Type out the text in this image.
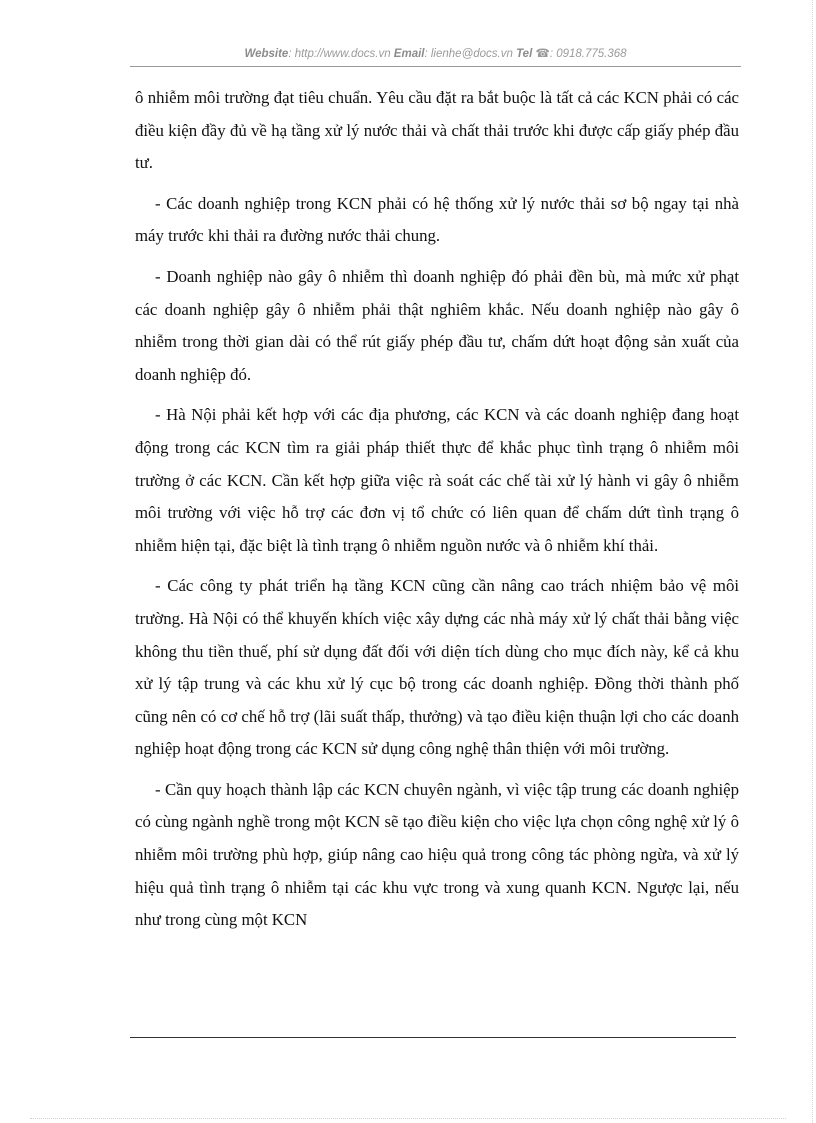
Website: http://www.docs.vn Email: lienhe@docs.vn Tel ☎: 0918.775.368

ô nhiễm môi trường đạt tiêu chuẩn. Yêu cầu đặt ra bắt buộc là tất cả các KCN phải có các điều kiện đầy đủ về hạ tầng xử lý nước thải và chất thải trước khi được cấp giấy phép đầu tư.

- Các doanh nghiệp trong KCN phải có hệ thống xử lý nước thải sơ bộ ngay tại nhà máy trước khi thải ra đường nước thải chung.

- Doanh nghiệp nào gây ô nhiễm thì doanh nghiệp đó phải đền bù, mà mức xử phạt các doanh nghiệp gây ô nhiễm phải thật nghiêm khắc. Nếu doanh nghiệp nào gây ô nhiễm trong thời gian dài có thể rút giấy phép đầu tư, chấm dứt hoạt động sản xuất của doanh nghiệp đó.

- Hà Nội phải kết hợp với các địa phương, các KCN và các doanh nghiệp đang hoạt động trong các KCN tìm ra giải pháp thiết thực để khắc phục tình trạng ô nhiễm môi trường ở các KCN. Cần kết hợp giữa việc rà soát các chế tài xử lý hành vi gây ô nhiễm môi trường với việc hỗ trợ các đơn vị tổ chức có liên quan để chấm dứt tình trạng ô nhiễm hiện tại, đặc biệt là tình trạng ô nhiễm nguồn nước và ô nhiễm khí thải.

- Các công ty phát triển hạ tầng KCN cũng cần nâng cao trách nhiệm bảo vệ môi trường. Hà Nội có thể khuyến khích việc xây dựng các nhà máy xử lý chất thải bằng việc không thu tiền thuế, phí sử dụng đất đối với diện tích dùng cho mục đích này, kể cả khu xử lý tập trung và các khu xử lý cục bộ trong các doanh nghiệp. Đồng thời thành phố cũng nên có cơ chế hỗ trợ (lãi suất thấp, thưởng) và tạo điều kiện thuận lợi cho các doanh nghiệp hoạt động trong các KCN sử dụng công nghệ thân thiện với môi trường.

- Cần quy hoạch thành lập các KCN chuyên ngành, vì việc tập trung các doanh nghiệp có cùng ngành nghề trong một KCN sẽ tạo điều kiện cho việc lựa chọn công nghệ xử lý ô nhiễm môi trường phù hợp, giúp nâng cao hiệu quả trong công tác phòng ngừa, và xử lý hiệu quả tình trạng ô nhiễm tại các khu vực trong và xung quanh KCN. Ngược lại, nếu như trong cùng một KCN
